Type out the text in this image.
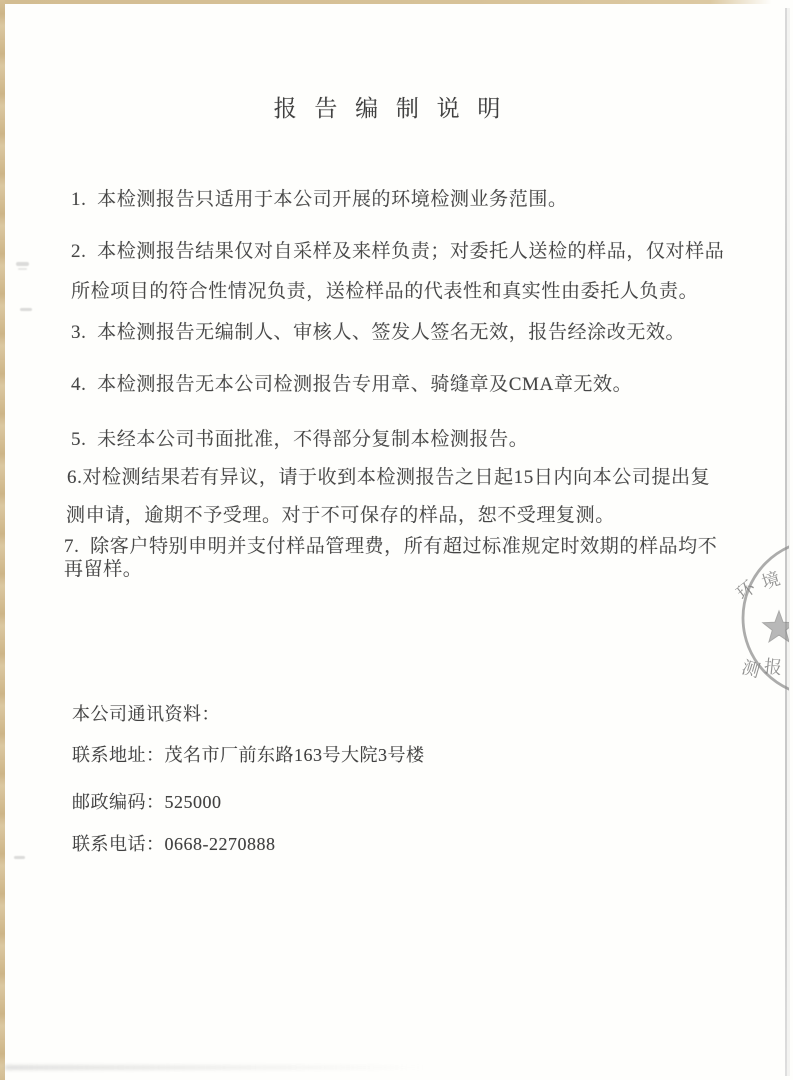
报 告 编 制 说 明
1.  本检测报告只适用于本公司开展的环境检测业务范围。
2.  本检测报告结果仅对自采样及来样负责；对委托人送检的样品，仅对样品
所检项目的符合性情况负责，送检样品的代表性和真实性由委托人负责。
3.  本检测报告无编制人、审核人、签发人签名无效，报告经涂改无效。
4.  本检测报告无本公司检测报告专用章、骑缝章及CMA章无效。
5.  未经本公司书面批准，不得部分复制本检测报告。
6.对检测结果若有异议，请于收到本检测报告之日起15日内向本公司提出复
测申请，逾期不予受理。对于不可保存的样品，恕不受理复测。
7.  除客户特别申明并支付样品管理费，所有超过标准规定时效期的样品均不
再留样。
本公司通讯资料：
联系地址：茂名市厂前东路163号大院3号楼
邮政编码：525000
联系电话：0668-2270888
环 境
测 报
